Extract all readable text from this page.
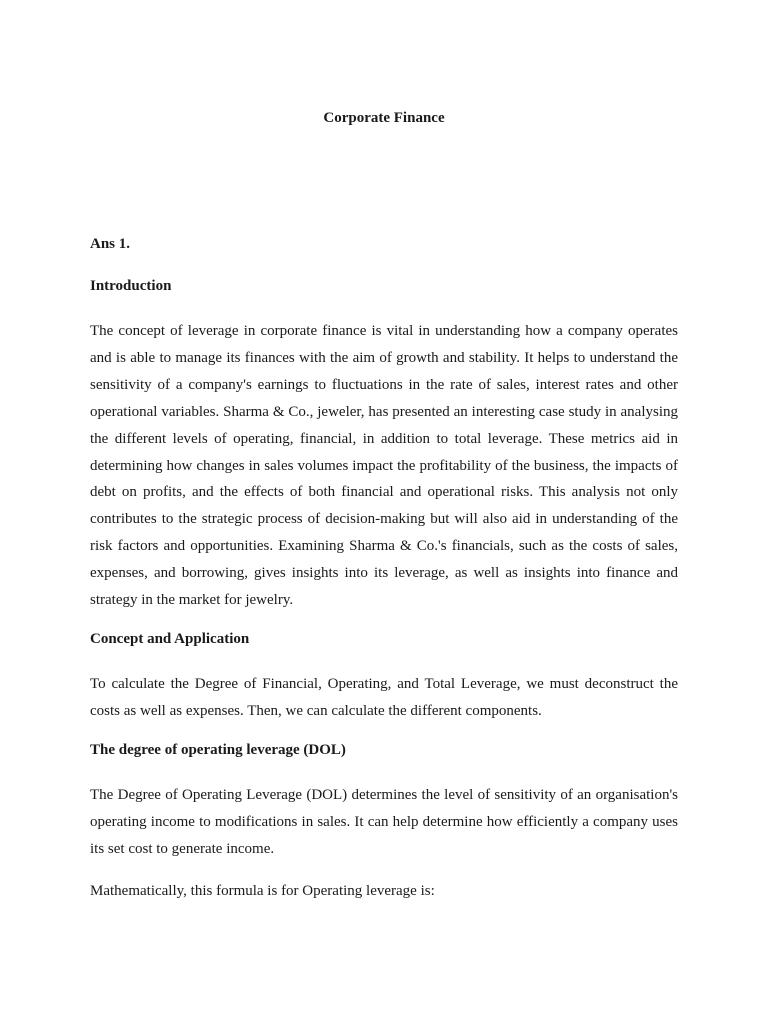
Corporate Finance

Ans 1.

Introduction

The concept of leverage in corporate finance is vital in understanding how a company operates and is able to manage its finances with the aim of growth and stability. It helps to understand the sensitivity of a company's earnings to fluctuations in the rate of sales, interest rates and other operational variables. Sharma & Co., jeweler, has presented an interesting case study in analysing the different levels of operating, financial, in addition to total leverage. These metrics aid in determining how changes in sales volumes impact the profitability of the business, the impacts of debt on profits, and the effects of both financial and operational risks. This analysis not only contributes to the strategic process of decision-making but will also aid in understanding of the risk factors and opportunities. Examining Sharma & Co.'s financials, such as the costs of sales, expenses, and borrowing, gives insights into its leverage, as well as insights into finance and strategy in the market for jewelry.

Concept and Application

To calculate the Degree of Financial, Operating, and Total Leverage, we must deconstruct the costs as well as expenses. Then, we can calculate the different components.

The degree of operating leverage (DOL)

The Degree of Operating Leverage (DOL) determines the level of sensitivity of an organisation's operating income to modifications in sales. It can help determine how efficiently a company uses its set cost to generate income.

Mathematically, this formula is for Operating leverage is:
